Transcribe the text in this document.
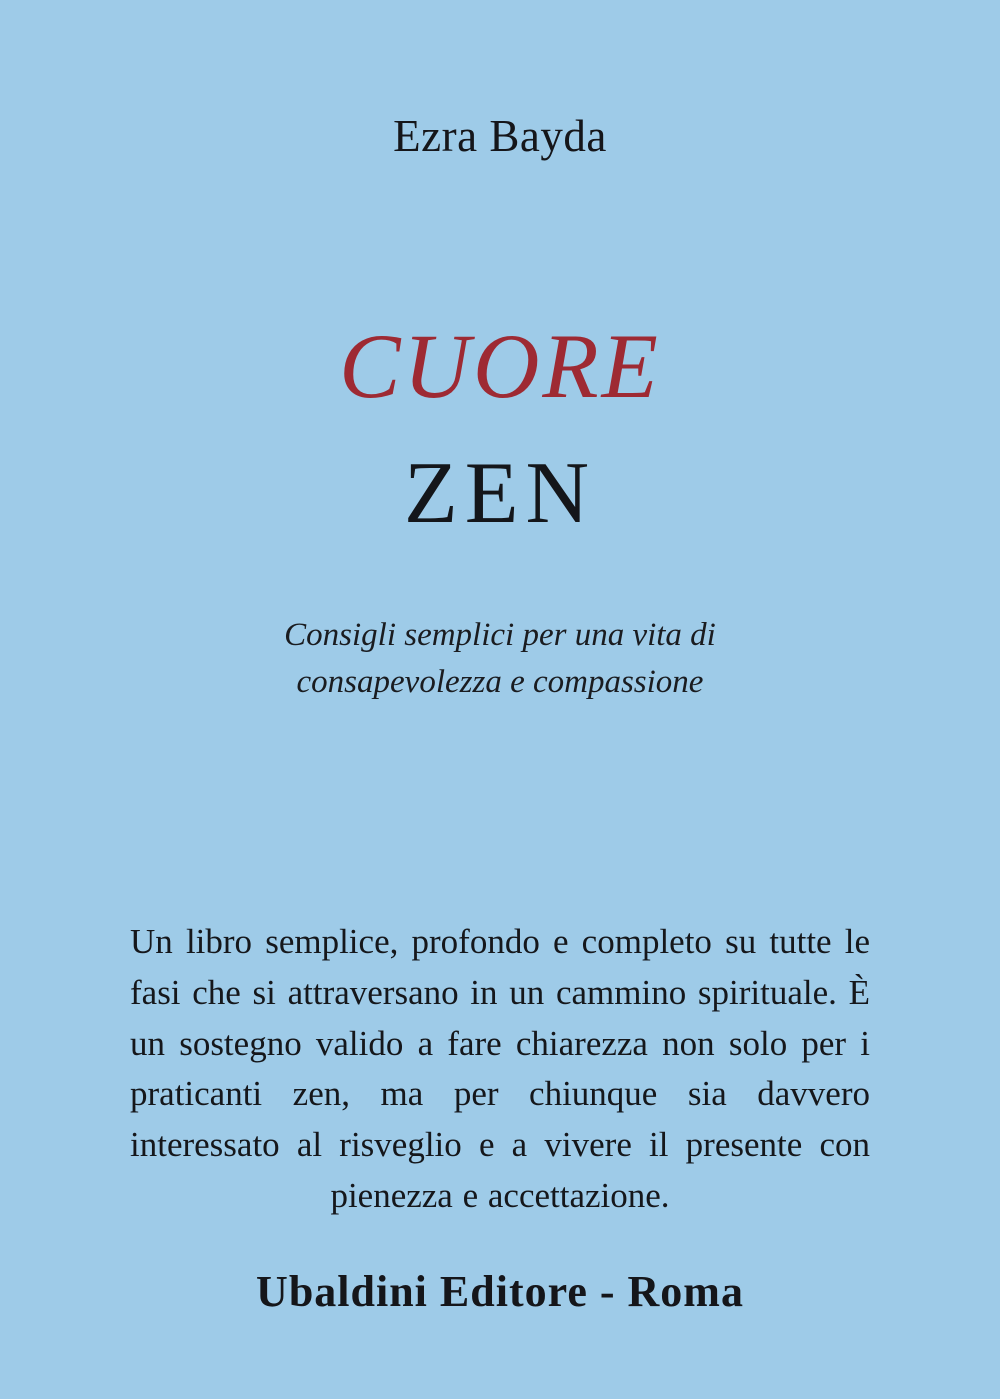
Ezra Bayda
CUORE
ZEN
Consigli semplici per una vita di consapevolezza e compassione
Un libro semplice, profondo e completo su tutte le fasi che si attraversano in un cammino spirituale. È un sostegno valido a fare chiarezza non solo per i praticanti zen, ma per chiunque sia davvero interessato al risveglio e a vivere il presente con pienezza e accettazione.
Ubaldini Editore - Roma
